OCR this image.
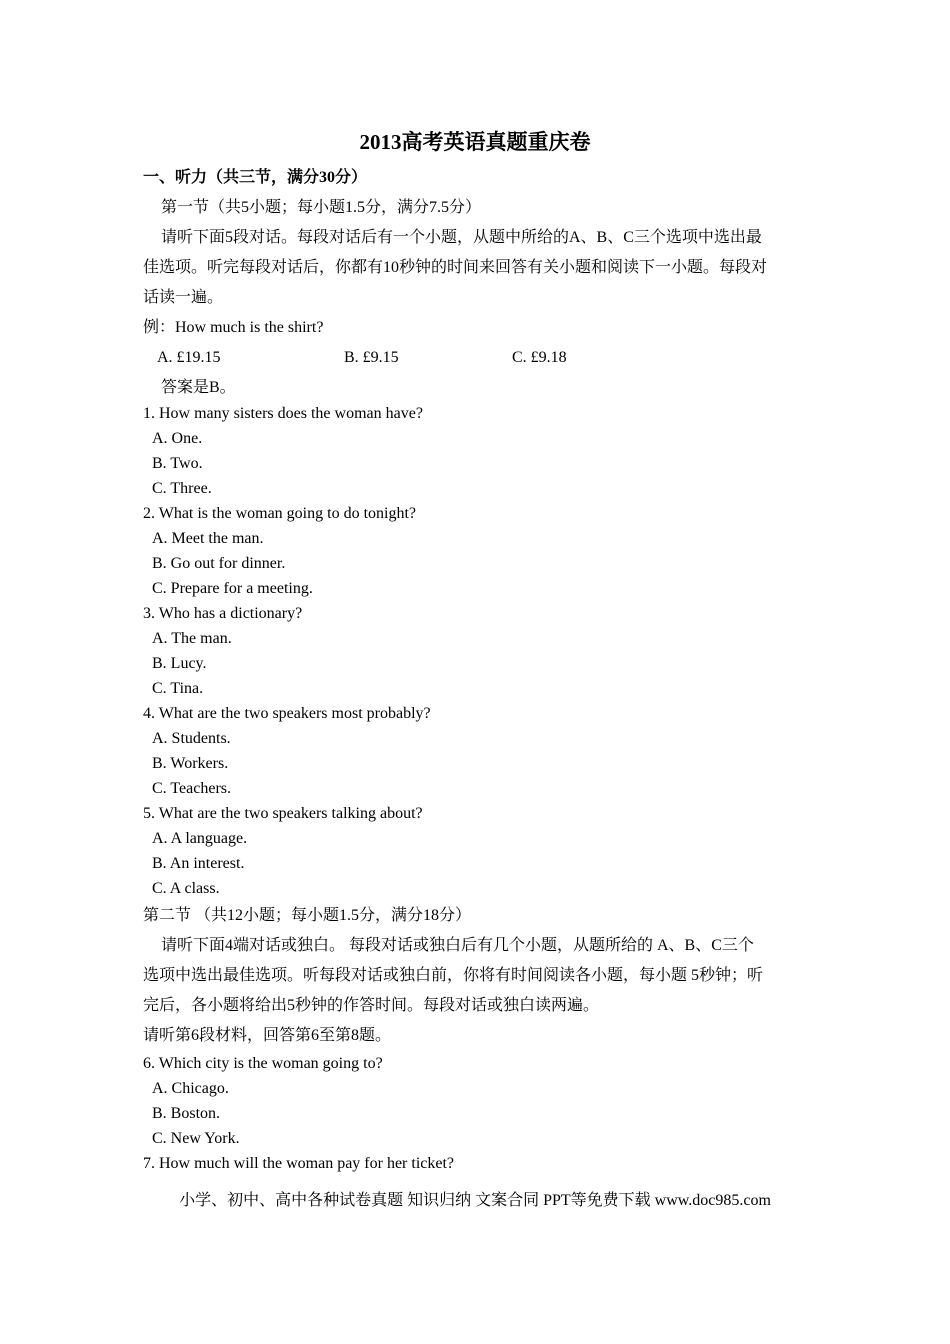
2013高考英语真题重庆卷
一、听力（共三节，满分30分）
第一节（共5小题；每小题1.5分，满分7.5分）
请听下面5段对话。每段对话后有一个小题，从题中所给的A、B、C三个选项中选出最
佳选项。听完每段对话后，你都有10秒钟的时间来回答有关小题和阅读下一小题。每段对
话读一遍。
例：How much is the shirt?
A. £19.15	B. £9.15	C. £9.18
答案是B。
1. How many sisters does the woman have?
A. One.
B. Two.
C. Three.
2. What is the woman going to do tonight?
A. Meet the man.
B. Go out for dinner.
C. Prepare for a meeting.
3. Who has a dictionary?
A. The man.
B. Lucy.
C. Tina.
4. What are the two speakers most probably?
A. Students.
B. Workers.
C. Teachers.
5. What are the two speakers talking about?
A. A language.
B. An interest.
C. A class.
第二节 （共12小题；每小题1.5分，满分18分）
请听下面4端对话或独白。 每段对话或独白后有几个小题，从题所给的 A、B、C三个
选项中选出最佳选项。听每段对话或独白前，你将有时间阅读各小题，每小题 5秒钟；听
完后，各小题将给出5秒钟的作答时间。每段对话或独白读两遍。
请听第6段材料，回答第6至第8题。
6. Which city is the woman going to?
A. Chicago.
B. Boston.
C. New York.
7. How much will the woman pay for her ticket?
小学、初中、高中各种试卷真题 知识归纳 文案合同 PPT等免费下载 www.doc985.com
